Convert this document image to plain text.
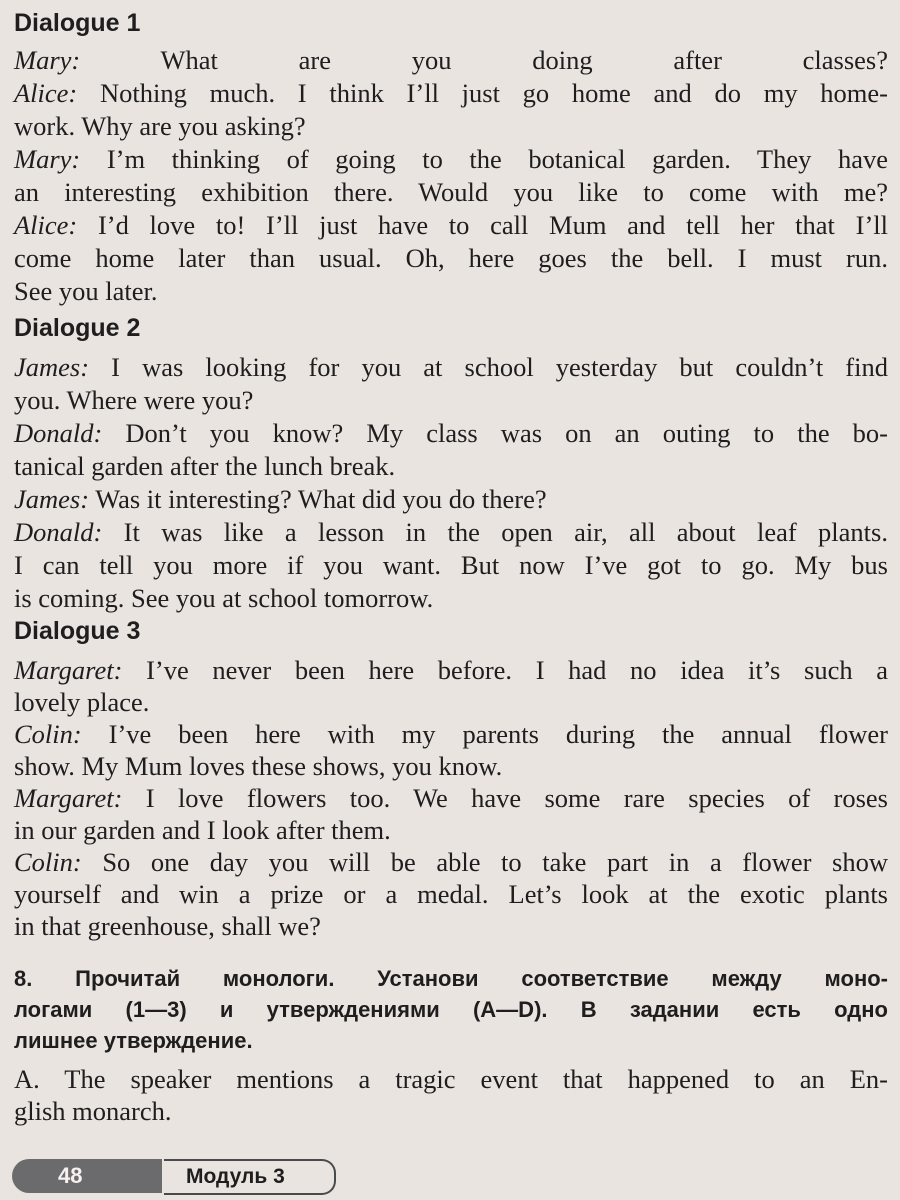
Dialogue 1
Mary: What are you doing after classes?
Alice: Nothing much. I think I’ll just go home and do my home-
work. Why are you asking?
Mary: I’m thinking of going to the botanical garden. They have
an interesting exhibition there. Would you like to come with me?
Alice: I’d love to! I’ll just have to call Mum and tell her that I’ll
come home later than usual. Oh, here goes the bell. I must run.
See you later.
Dialogue 2
James: I was looking for you at school yesterday but couldn’t find
you. Where were you?
Donald: Don’t you know? My class was on an outing to the bo-
tanical garden after the lunch break.
James: Was it interesting? What did you do there?
Donald: It was like a lesson in the open air, all about leaf plants.
I can tell you more if you want. But now I’ve got to go. My bus
is coming. See you at school tomorrow.
Dialogue 3
Margaret: I’ve never been here before. I had no idea it’s such a
lovely place.
Colin: I’ve been here with my parents during the annual flower
show. My Mum loves these shows, you know.
Margaret: I love flowers too. We have some rare species of roses
in our garden and I look after them.
Colin: So one day you will be able to take part in a flower show
yourself and win a prize or a medal. Let’s look at the exotic plants
in that greenhouse, shall we?
8. Прочитай монологи. Установи соответствие между моно-
логами (1—3) и утверждениями (A—D). В задании есть одно
лишнее утверждение.
A. The speaker mentions a tragic event that happened to an En-
glish monarch.
48	Модуль 3
